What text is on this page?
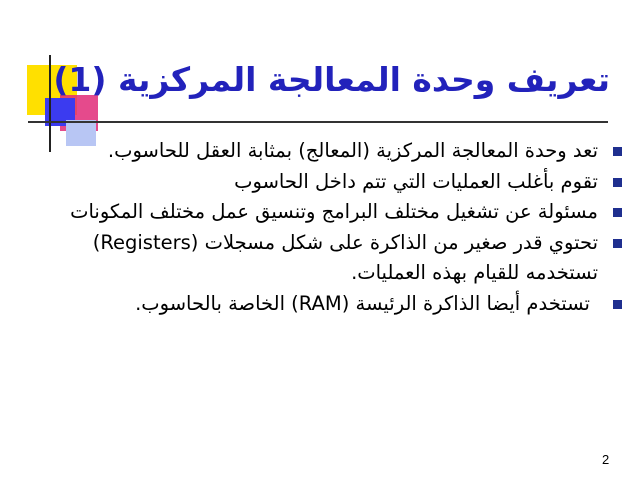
تعريف وحدة المعالجة المركزية (1)
تعد وحدة المعالجة المركزية (المعالج) بمثابة العقل للحاسوب.
تقوم بأغلب العمليات التي تتم داخل الحاسوب
مسئولة عن تشغيل مختلف البرامج وتنسيق عمل مختلف المكونات
تحتوي قدر صغير من الذاكرة على شكل مسجلات (Registers) تستخدمه للقيام بهذه العمليات.
تستخدم أيضا الذاكرة الرئيسة (RAM) الخاصة بالحاسوب.
2
